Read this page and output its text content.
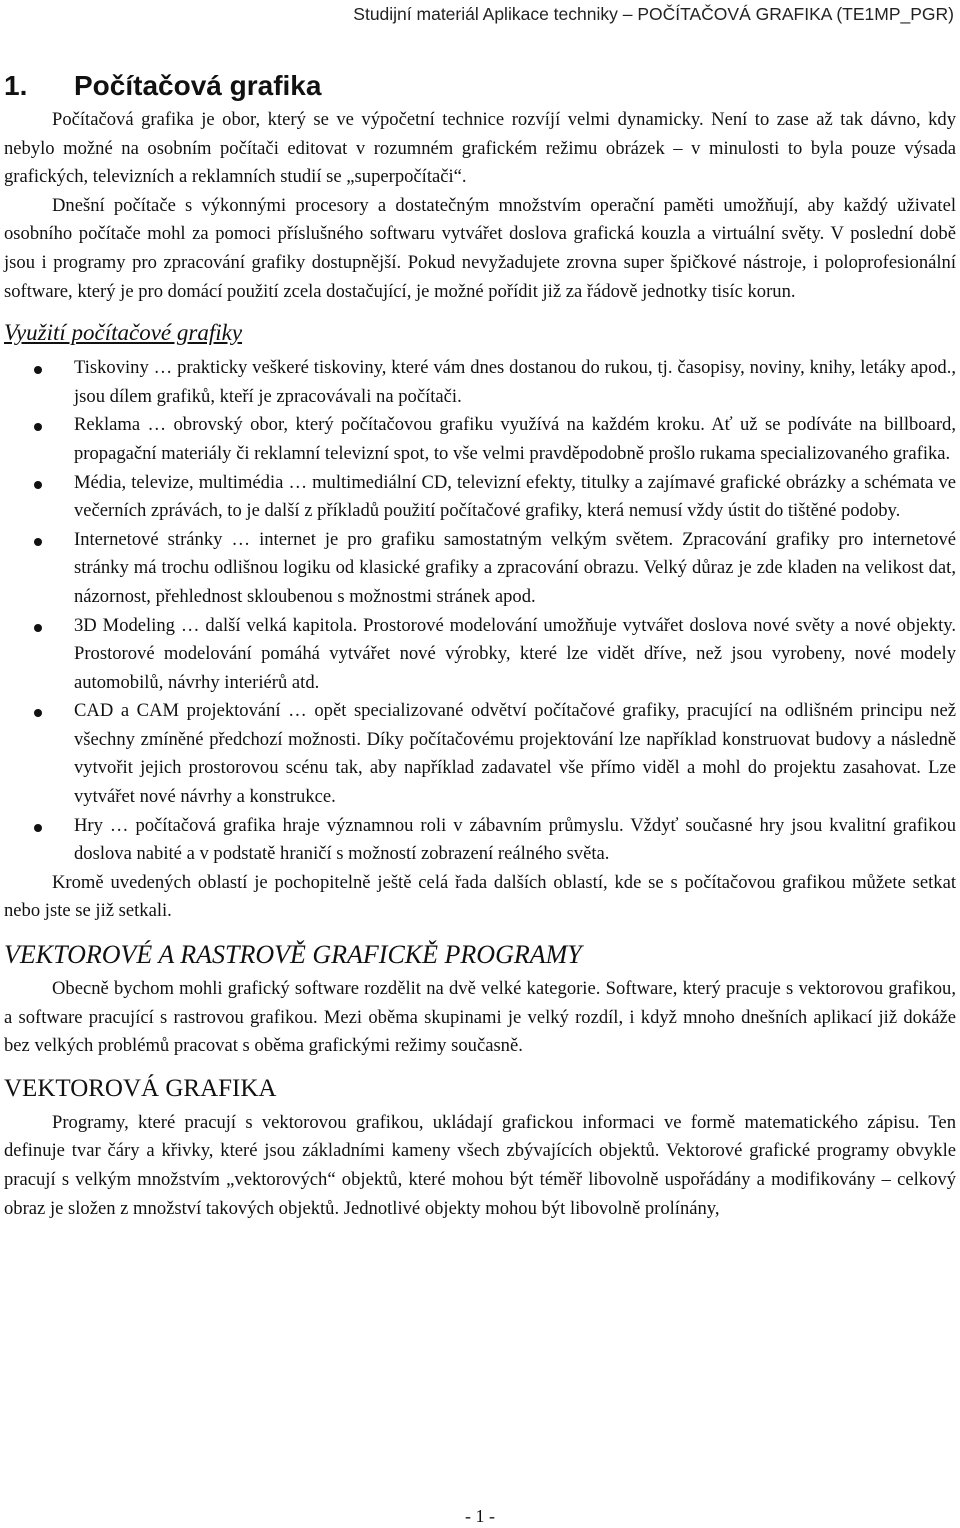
Studijní materiál Aplikace techniky – POČÍTAČOVÁ GRAFIKA (TE1MP_PGR)
1. Počítačová grafika

Počítačová grafika je obor, který se ve výpočetní technice rozvíjí velmi dynamicky. Není to zase až tak dávno, kdy nebylo možné na osobním počítači editovat v rozumném grafickém režimu obrázek – v minulosti to byla pouze výsada grafických, televizních a reklamních studií se „superpočítači“.

Dnešní počítače s výkonnými procesory a dostatečným množstvím operační paměti umožňují, aby každý uživatel osobního počítače mohl za pomoci příslušného softwaru vytvářet doslova grafická kouzla a virtuální světy. V poslední době jsou i programy pro zpracování grafiky dostupnější. Pokud nevyžadujete zrovna super špičkové nástroje, i poloprofesionální software, který je pro domácí použití zcela dostačující, je možné pořídit již za řádově jednotky tisíc korun.

Využití počítačové grafiky
Tiskoviny … prakticky veškeré tiskoviny, které vám dnes dostanou do rukou, tj. časopisy, noviny, knihy, letáky apod., jsou dílem grafiků, kteří je zpracovávali na počítači.
Reklama … obrovský obor, který počítačovou grafiku využívá na každém kroku. Ať už se podíváte na billboard, propagační materiály či reklamní televizní spot, to vše velmi pravděpodobně prošlo rukama specializovaného grafika.
Média, televize, multimédia … multimediální CD, televizní efekty, titulky a zajímavé grafické obrázky a schémata ve večerních zprávách, to je další z příkladů použití počítačové grafiky, která nemusí vždy ústit do tištěné podoby.
Internetové stránky … internet je pro grafiku samostatným velkým světem. Zpracování grafiky pro internetové stránky má trochu odlišnou logiku od klasické grafiky a zpracování obrazu. Velký důraz je zde kladen na velikost dat, názornost, přehlednost skloubenou s možnostmi stránek apod.
3D Modeling … další velká kapitola. Prostorové modelování umožňuje vytvářet doslova nové světy a nové objekty. Prostorové modelování pomáhá vytvářet nové výrobky, které lze vidět dříve, než jsou vyrobeny, nové modely automobilů, návrhy interiérů atd.
CAD a CAM projektování … opět specializované odvětví počítačové grafiky, pracující na odlišném principu než všechny zmíněné předchozí možnosti. Díky počítačovému projektování lze například konstruovat budovy a následně vytvořit jejich prostorovou scénu tak, aby například zadavatel vše přímo viděl a mohl do projektu zasahovat. Lze vytvářet nové návrhy a konstrukce.
Hry … počítačová grafika hraje významnou roli v zábavním průmyslu. Vždyť současné hry jsou kvalitní grafikou doslova nabité a v podstatě hraničí s možností zobrazení reálného světa.

Kromě uvedených oblastí je pochopitelně ještě celá řada dalších oblastí, kde se s počítačovou grafikou můžete setkat nebo jste se již setkali.

VEKTOROVÉ A RASTROVĚ GRAFICKĚ PROGRAMY

Obecně bychom mohli grafický software rozdělit na dvě velké kategorie. Software, který pracuje s vektorovou grafikou, a software pracující s rastrovou grafikou. Mezi oběma skupinami je velký rozdíl, i když mnoho dnešních aplikací již dokáže bez velkých problémů pracovat s oběma grafickými režimy současně.

VEKTOROVÁ GRAFIKA

Programy, které pracují s vektorovou grafikou, ukládají grafickou informaci ve formě matematického zápisu. Ten definuje tvar čáry a křivky, které jsou základními kameny všech zbývajících objektů. Vektorové grafické programy obvykle pracují s velkým množstvím „vektorových“ objektů, které mohou být téměř libovolně uspořádány a modifikovány – celkový obraz je složen z množství takových objektů. Jednotlivé objekty mohou být libovolně prolínány,

- 1 -
